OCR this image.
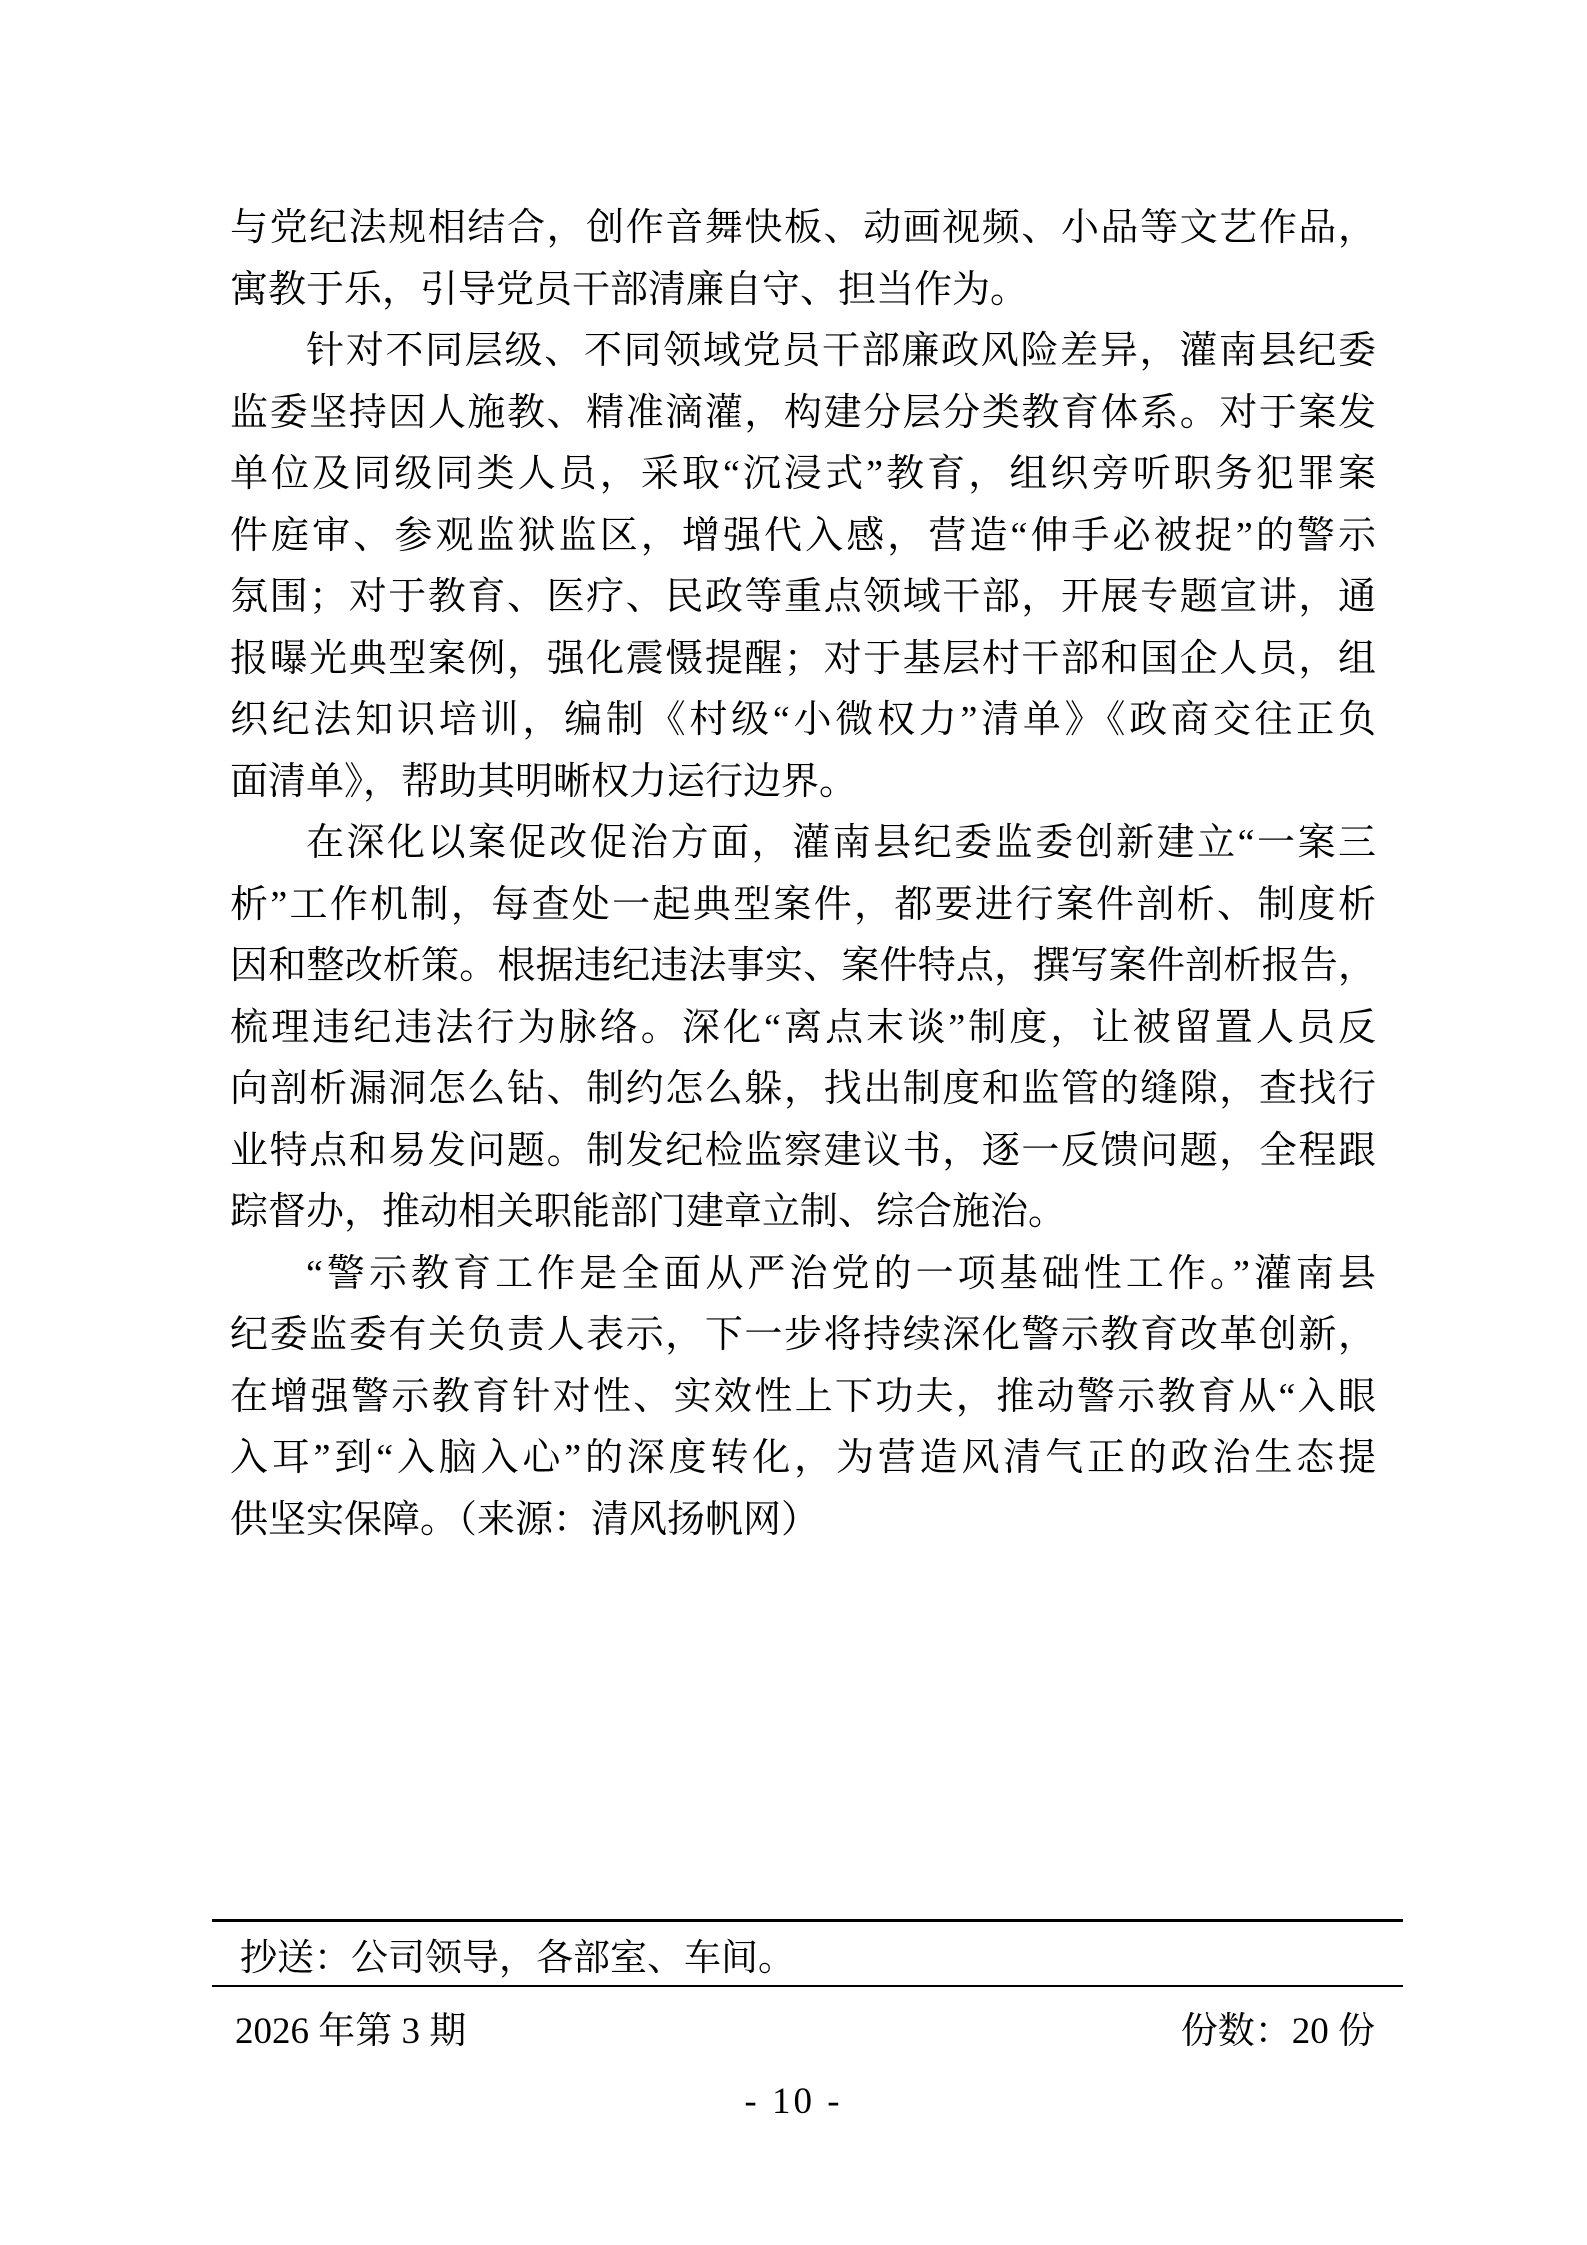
与党纪法规相结合，创作音舞快板、动画视频、小品等文艺作品，
寓教于乐，引导党员干部清廉自守、担当作为。
针对不同层级、不同领域党员干部廉政风险差异，灌南县纪委
监委坚持因人施教、精准滴灌，构建分层分类教育体系。对于案发
单位及同级同类人员，采取“沉浸式”教育，组织旁听职务犯罪案
件庭审、参观监狱监区，增强代入感，营造“伸手必被捉”的警示
氛围；对于教育、医疗、民政等重点领域干部，开展专题宣讲，通
报曝光典型案例，强化震慑提醒；对于基层村干部和国企人员，组
织纪法知识培训，编制《村级“小微权力”清单》《政商交往正负
面清单》，帮助其明晰权力运行边界。
在深化以案促改促治方面，灌南县纪委监委创新建立“一案三
析”工作机制，每查处一起典型案件，都要进行案件剖析、制度析
因和整改析策。根据违纪违法事实、案件特点，撰写案件剖析报告，
梳理违纪违法行为脉络。深化“离点末谈”制度，让被留置人员反
向剖析漏洞怎么钻、制约怎么躲，找出制度和监管的缝隙，查找行
业特点和易发问题。制发纪检监察建议书，逐一反馈问题，全程跟
踪督办，推动相关职能部门建章立制、综合施治。
“警示教育工作是全面从严治党的一项基础性工作。”灌南县
纪委监委有关负责人表示，下一步将持续深化警示教育改革创新，
在增强警示教育针对性、实效性上下功夫，推动警示教育从“入眼
入耳”到“入脑入心”的深度转化，为营造风清气正的政治生态提
供坚实保障。（来源：清风扬帆网）
抄送：公司领导，各部室、车间。
2026 年第 3 期	份数：20 份
- 10 -
